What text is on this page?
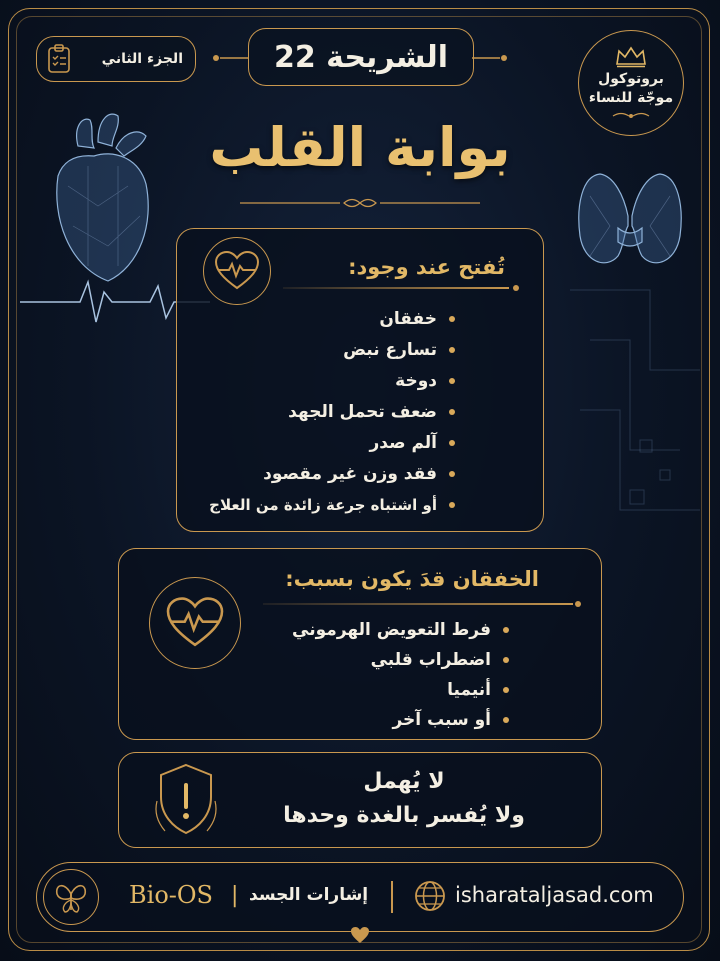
الجزء الثاني	الشريحة 22
بروتوكول
موجّة للنساء
بوابة القلب
تُفتح عند وجود:
خفقان
تسارع نبض
دوخة
ضعف تحمل الجهد
آلم صدر
فقد وزن غير مقصود
أو اشتباه جرعة زائدة من العلاج
الخفقان قدَ يكون بسبب:
فرط التعويض الهرموني
اضطراب قلبي
أنيميا
أو سبب آخر
لا يُهمل
ولا يُفسر بالغدة وحدها
Bio-OS | إشارات الجسد	isharataljasad.com
